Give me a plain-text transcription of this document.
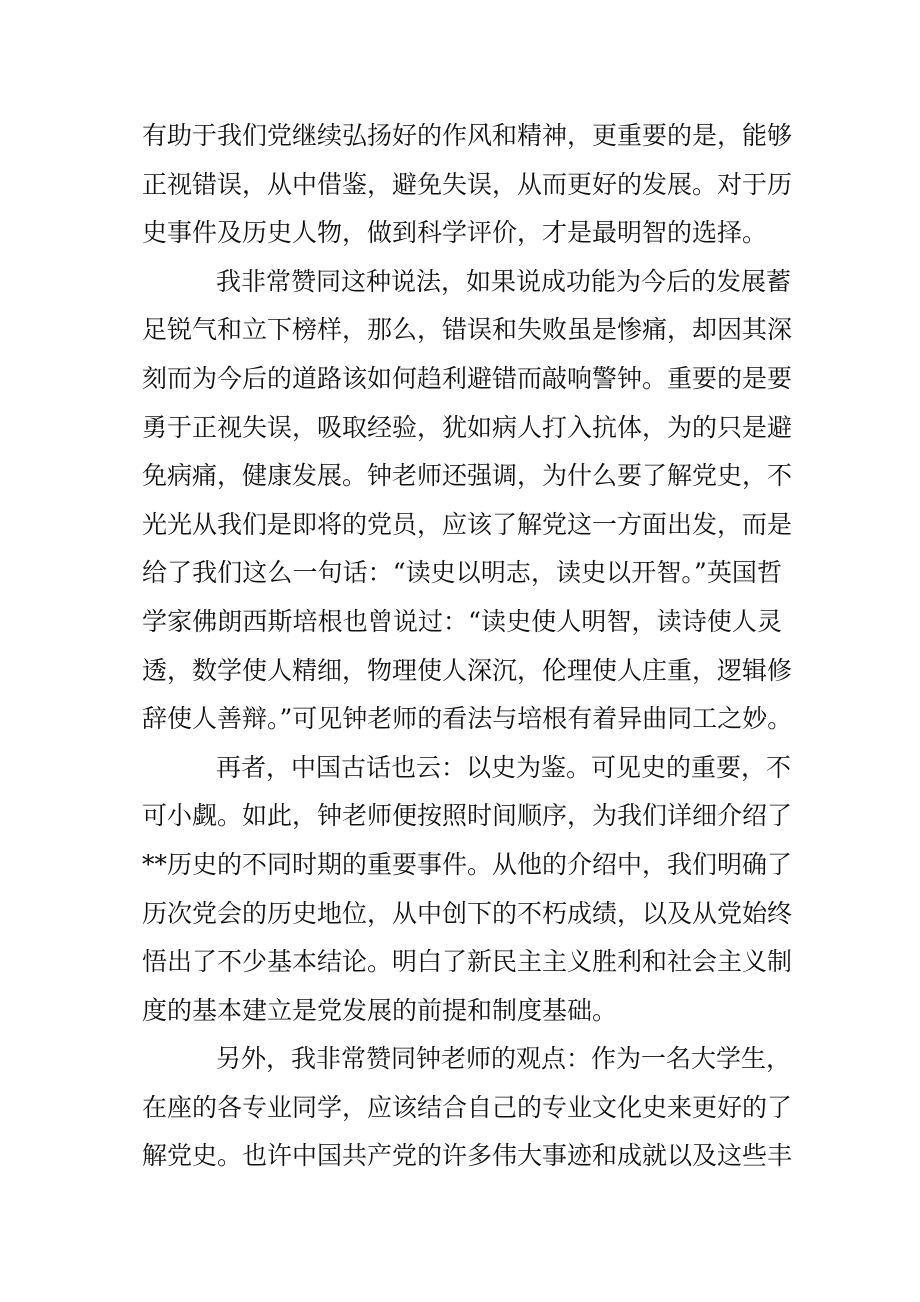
有助于我们党继续弘扬好的作风和精神，更重要的是，能够
正视错误，从中借鉴，避免失误，从而更好的发展。对于历
史事件及历史人物，做到科学评价，才是最明智的选择。
我非常赞同这种说法，如果说成功能为今后的发展蓄
足锐气和立下榜样，那么，错误和失败虽是惨痛，却因其深
刻而为今后的道路该如何趋利避错而敲响警钟。重要的是要
勇于正视失误，吸取经验，犹如病人打入抗体，为的只是避
免病痛，健康发展。钟老师还强调，为什么要了解党史，不
光光从我们是即将的党员，应该了解党这一方面出发，而是
给了我们这么一句话：“读史以明志，读史以开智。”英国哲
学家佛朗西斯培根也曾说过：“读史使人明智，读诗使人灵
透，数学使人精细，物理使人深沉，伦理使人庄重，逻辑修
辞使人善辩。”可见钟老师的看法与培根有着异曲同工之妙。
再者，中国古话也云：以史为鉴。可见史的重要，不
可小觑。如此，钟老师便按照时间顺序，为我们详细介绍了
**历史的不同时期的重要事件。从他的介绍中，我们明确了
历次党会的历史地位，从中创下的不朽成绩，以及从党始终
悟出了不少基本结论。明白了新民主主义胜利和社会主义制
度的基本建立是党发展的前提和制度基础。
另外，我非常赞同钟老师的观点：作为一名大学生，
在座的各专业同学，应该结合自己的专业文化史来更好的了
解党史。也许中国共产党的许多伟大事迹和成就以及这些丰
